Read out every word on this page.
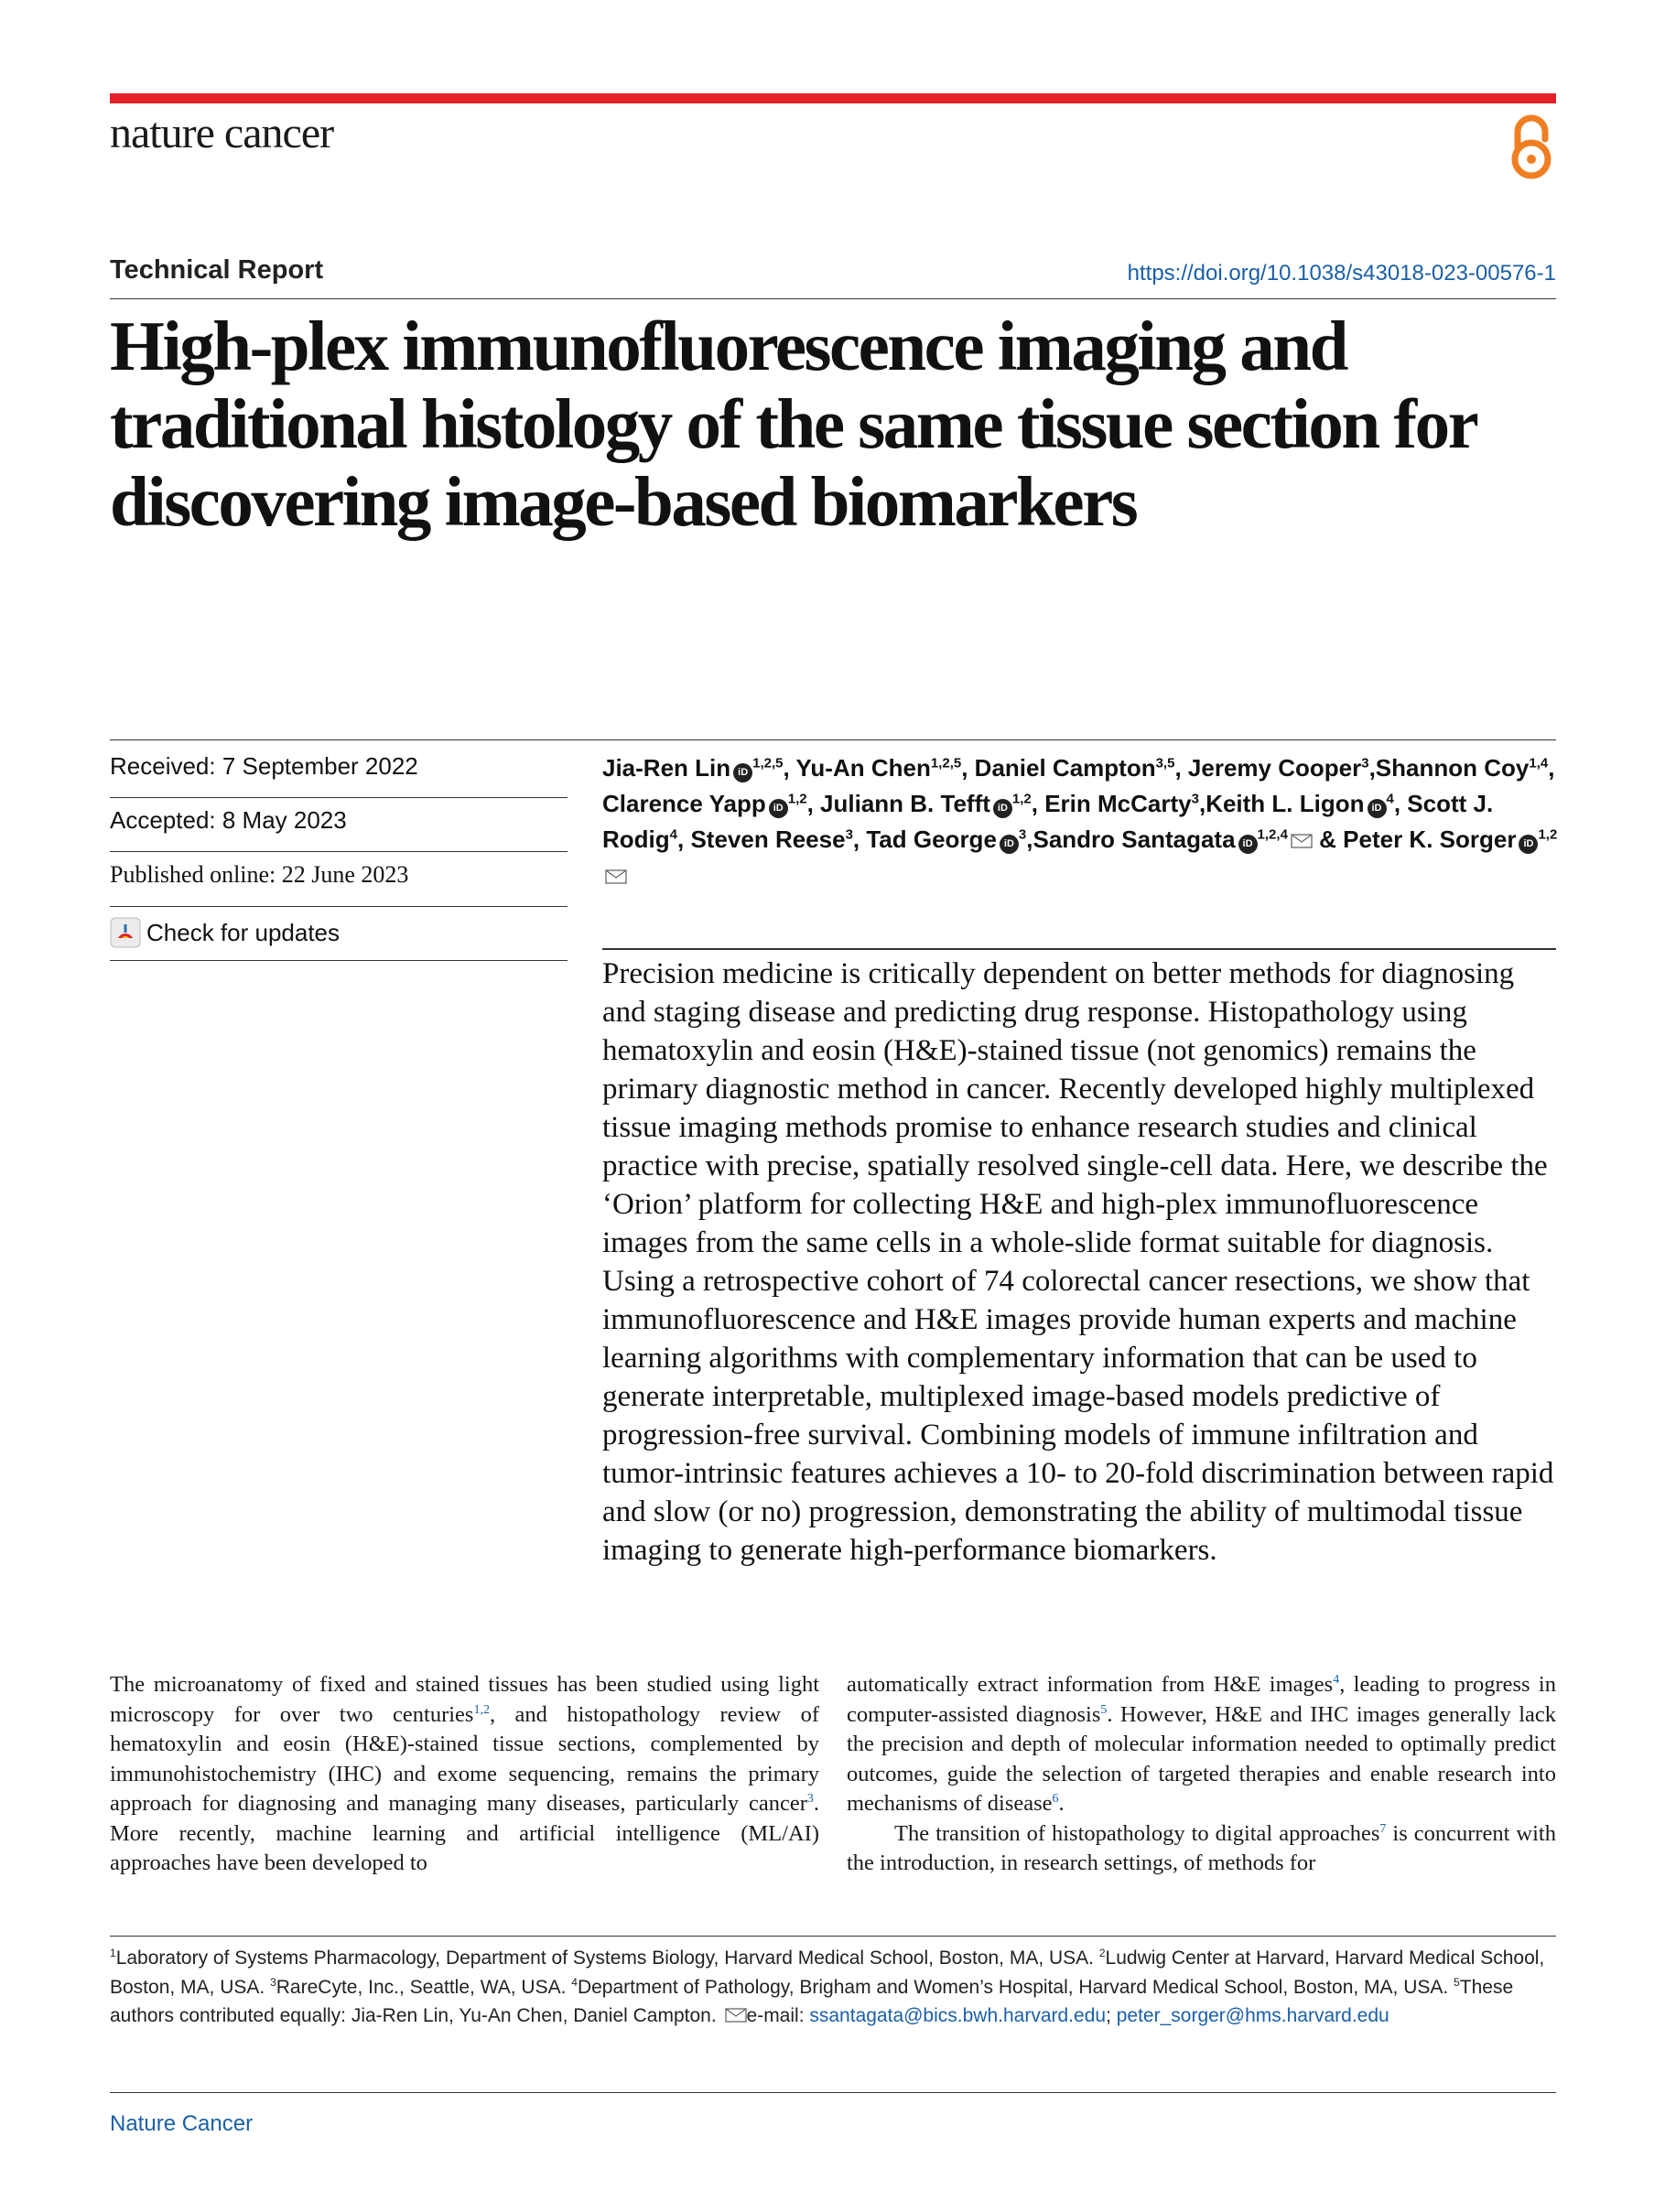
nature cancer
Technical Report	https://doi.org/10.1038/s43018-023-00576-1
High-plex immunofluorescence imaging and traditional histology of the same tissue section for discovering image-based biomarkers
Received: 7 September 2022
Accepted: 8 May 2023
Published online: 22 June 2023
Check for updates
Jia-Ren Lin iD$^{1,2,5}$, Yu-An Chen$^{1,2,5}$, Daniel Campton$^{3,5}$, Jeremy Cooper$^3$,Shannon Coy$^{1,4}$, Clarence Yapp iD$^{1,2}$, Juliann B. Tefft iD$^{1,2}$, Erin McCarty$^3$,Keith L. Ligon $iD^4$, Scott J. Rodig$^4$, Steven Reese$^3$, Tad George $iD^3,Sandro$ Santagata iD$^{1,2,4}$ & Peter K. Sorger iD$^{1,2}$
Precision medicine is critically dependent on better methods for diagnosing and staging disease and predicting drug response. Histopathology using hematoxylin and eosin (H&E)-stained tissue (not genomics) remains the primary diagnostic method in cancer. Recently developed highly multiplexed tissue imaging methods promise to enhance research studies and clinical practice with precise, spatially resolved single-cell data. Here, we describe the ‘Orion’ platform for collecting H&E and high-plex immunofluorescence images from the same cells in a whole-slide format suitable for diagnosis. Using a retrospective cohort of 74 colorectal cancer resections, we show that immunofluorescence and H&E images provide human experts and machine learning algorithms with complementary information that can be used to generate interpretable, multiplexed image-based models predictive of progression-free survival. Combining models of immune infiltration and tumor-intrinsic features achieves a 10- to 20-fold discrimination between rapid and slow (or no) progression, demonstrating the ability of multimodal tissue imaging to generate high-performance biomarkers.

The microanatomy of fixed and stained tissues has been studied using light microscopy for over two centuries$^{1,2}$, and histopathology review of hematoxylin and eosin (H&E)-stained tissue sections, complemented by immunohistochemistry (IHC) and exome sequencing, remains the primary approach for diagnosing and managing many diseases, particularly cancer$^3$. More recently, machine learning and artificial intelligence (ML/AI) approaches have been developed to

automatically extract information from H&E images$^4$, leading to progress in computer-assisted diagnosis$^5$. However, H&E and IHC images generally lack the precision and depth of molecular information needed to optimally predict outcomes, guide the selection of targeted therapies and enable research into mechanisms of disease$^6$.

The transition of histopathology to digital approaches$^7$ is concurrent with the introduction, in research settings, of methods for

$^1$Laboratory of Systems Pharmacology, Department of Systems Biology, Harvard Medical School, Boston, MA, USA. $^2$Ludwig Center at Harvard, Harvard Medical School, Boston, MA, USA. $^3$RareCyte, Inc., Seattle, WA, USA. $^4$Department of Pathology, Brigham and Women’s Hospital, Harvard Medical School, Boston, MA, USA. $^5$These authors contributed equally: Jia-Ren Lin, Yu-An Chen, Daniel Campton. e-mail: ssantagata@bics.bwh.harvard.edu; peter_sorger@hms.harvard.edu
Nature Cancer
